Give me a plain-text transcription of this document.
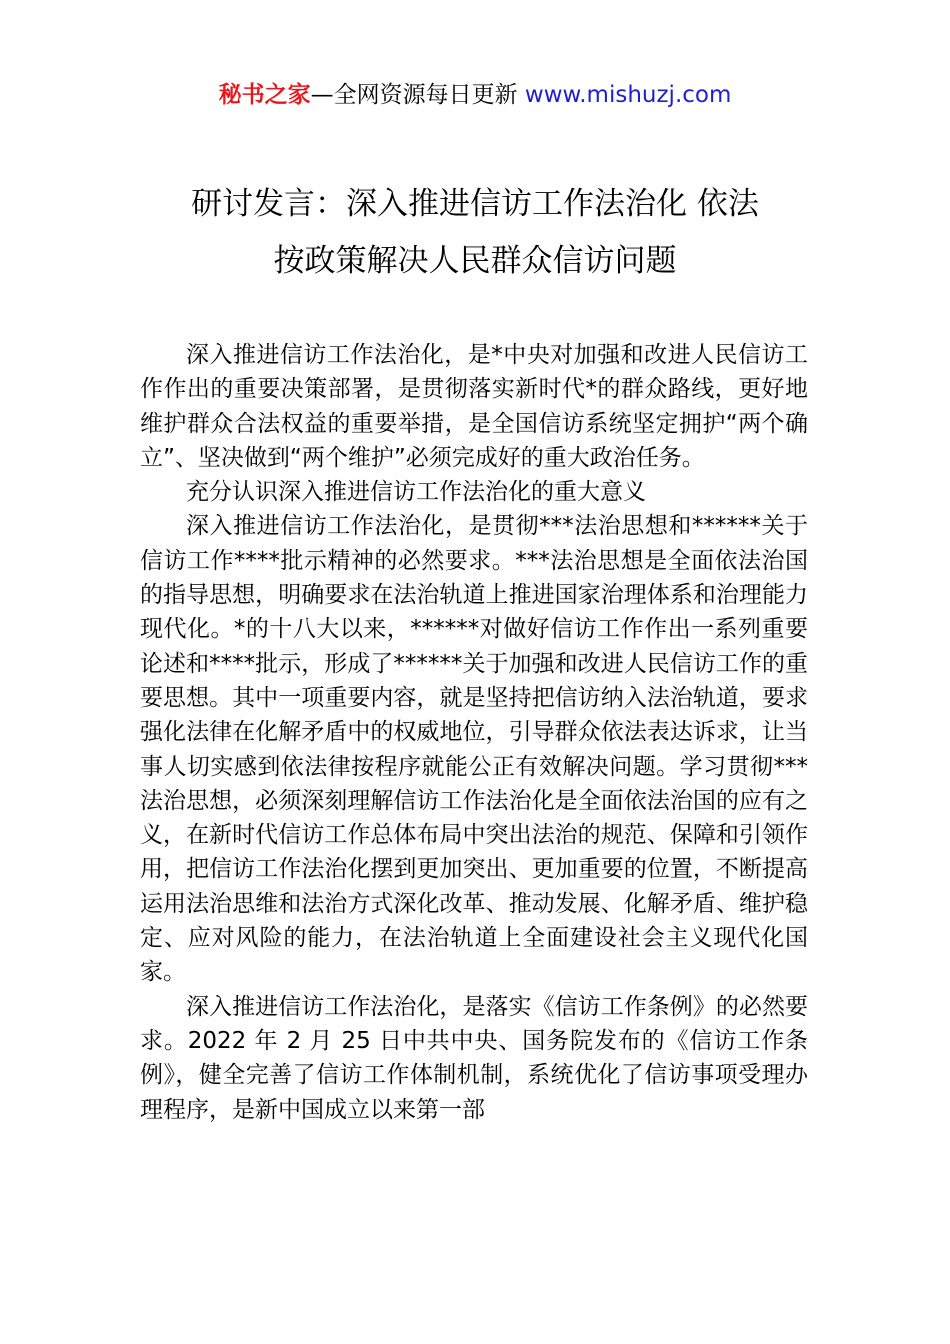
秘书之家—全网资源每日更新 www.mishuzj.com
研讨发言：深入推进信访工作法治化 依法
按政策解决人民群众信访问题

深入推进信访工作法治化，是*中央对加强和改进人民信访工作作出的重要决策部署，是贯彻落实新时代*的群众路线，更好地维护群众合法权益的重要举措，是全国信访系统坚定拥护“两个确立”、坚决做到“两个维护”必须完成好的重大政治任务。

充分认识深入推进信访工作法治化的重大意义

深入推进信访工作法治化，是贯彻***法治思想和******关于信访工作****批示精神的必然要求。***法治思想是全面依法治国的指导思想，明确要求在法治轨道上推进国家治理体系和治理能力现代化。*的十八大以来，******对做好信访工作作出一系列重要论述和****批示，形成了******关于加强和改进人民信访工作的重要思想。其中一项重要内容，就是坚持把信访纳入法治轨道，要求强化法律在化解矛盾中的权威地位，引导群众依法表达诉求，让当事人切实感到依法律按程序就能公正有效解决问题。学习贯彻***法治思想，必须深刻理解信访工作法治化是全面依法治国的应有之义，在新时代信访工作总体布局中突出法治的规范、保障和引领作用，把信访工作法治化摆到更加突出、更加重要的位置，不断提高运用法治思维和法治方式深化改革、推动发展、化解矛盾、维护稳定、应对风险的能力，在法治轨道上全面建设社会主义现代化国家。

深入推进信访工作法治化，是落实《信访工作条例》的必然要求。2022 年 2 月 25 日中共中央、国务院发布的《信访工作条例》，健全完善了信访工作体制机制，系统优化了信访事项受理办理程序，是新中国成立以来第一部
